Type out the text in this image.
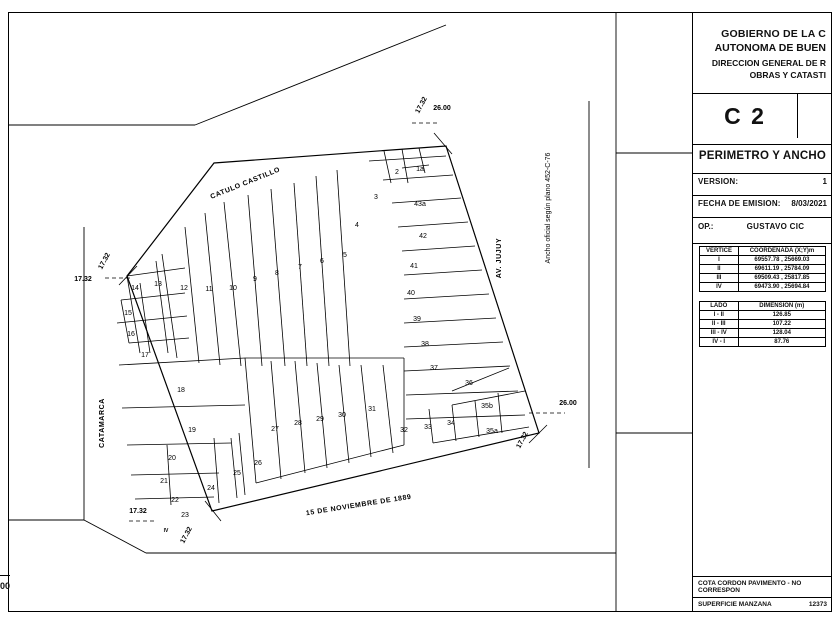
14
13
12 11 10
9
8
7
6
5
4
3
2 1a
15
16
17
18
19
20
21
22
23
24
25
26
27
28
29
30
31
32 33
34
35a
35b
36
37
38
39
40
41
42
43a
CATULO CASTILLO
CATAMARCA
15 DE NOVIEMBRE DE 1889
AV. JUJUY	Ancho oficial según plano 452-C-76
17.32 26.00
17.32
17.32
17.32
26.00
17.32
17.32
IV
GOBIERNO DE LA C
AUTONOMA DE BUEN
DIRECCION GENERAL DE R
OBRAS Y CATASTI
C 2
PERIMETRO Y ANCHO
VERSION:	1
FECHA DE EMISION:	8/03/2021
OP.:	GUSTAVO CIC
VERTICE	COORDENADA (X;Y)m
I	69557.78 , 25669.03
II	69611.19 , 25784.09
III	69509.43 , 25817.85
IV	69473.90 , 25694.84
LADO	DIMENSION (m)
I - II	126.85
II - III	107.22
III - IV	128.04
IV - I	87.76
COTA CORDON PAVIMENTO - NO CORRESPON
SUPERFICIE MANZANA	12373
00
